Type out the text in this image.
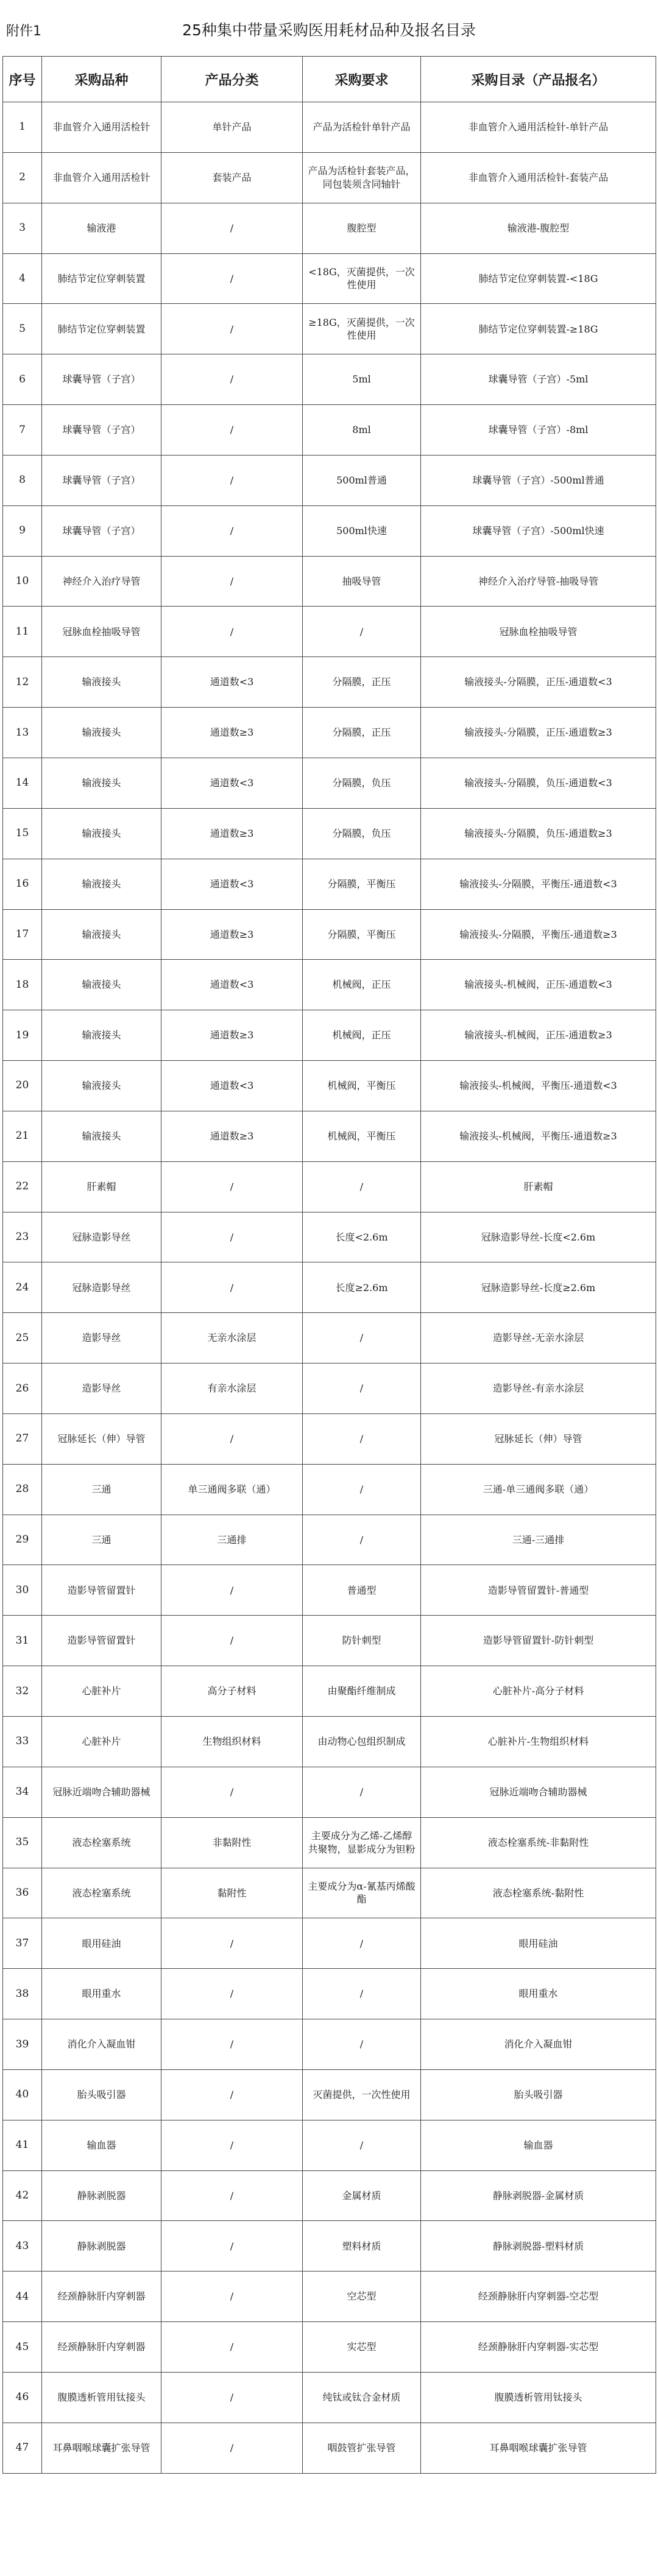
附件1	25种集中带量采购医用耗材品种及报名目录
序号	采购品种	产品分类	采购要求	采购目录（产品报名）
1	非血管介入通用活检针	单针产品	产品为活检针单针产品	非血管介入通用活检针-单针产品
2	非血管介入通用活检针	套装产品	产品为活检针套装产品，同包装须含同轴针	非血管介入通用活检针-套装产品
3	输液港	/	腹腔型	输液港-腹腔型
4	肺结节定位穿刺装置	/	<18G，灭菌提供，一次性使用	肺结节定位穿刺装置-<18G
5	肺结节定位穿刺装置	/	≥18G，灭菌提供，一次性使用	肺结节定位穿刺装置-≥18G
6	球囊导管（子宫）	/	5ml	球囊导管（子宫）-5ml
7	球囊导管（子宫）	/	8ml	球囊导管（子宫）-8ml
8	球囊导管（子宫）	/	500ml普通	球囊导管（子宫）-500ml普通
9	球囊导管（子宫）	/	500ml快速	球囊导管（子宫）-500ml快速
10	神经介入治疗导管	/	抽吸导管	神经介入治疗导管-抽吸导管
11	冠脉血栓抽吸导管	/	/	冠脉血栓抽吸导管
12	输液接头	通道数<3	分隔膜，正压	输液接头-分隔膜，正压-通道数<3
13	输液接头	通道数≥3	分隔膜，正压	输液接头-分隔膜，正压-通道数≥3
14	输液接头	通道数<3	分隔膜，负压	输液接头-分隔膜，负压-通道数<3
15	输液接头	通道数≥3	分隔膜，负压	输液接头-分隔膜，负压-通道数≥3
16	输液接头	通道数<3	分隔膜，平衡压	输液接头-分隔膜，平衡压-通道数<3
17	输液接头	通道数≥3	分隔膜，平衡压	输液接头-分隔膜，平衡压-通道数≥3
18	输液接头	通道数<3	机械阀，正压	输液接头-机械阀，正压-通道数<3
19	输液接头	通道数≥3	机械阀，正压	输液接头-机械阀，正压-通道数≥3
20	输液接头	通道数<3	机械阀，平衡压	输液接头-机械阀，平衡压-通道数<3
21	输液接头	通道数≥3	机械阀，平衡压	输液接头-机械阀，平衡压-通道数≥3
22	肝素帽	/	/	肝素帽
23	冠脉造影导丝	/	长度<2.6m	冠脉造影导丝-长度<2.6m
24	冠脉造影导丝	/	长度≥2.6m	冠脉造影导丝-长度≥2.6m
25	造影导丝	无亲水涂层	/	造影导丝-无亲水涂层
26	造影导丝	有亲水涂层	/	造影导丝-有亲水涂层
27	冠脉延长（伸）导管	/	/	冠脉延长（伸）导管
28	三通	单三通阀多联（通）	/	三通-单三通阀多联（通）
29	三通	三通排	/	三通-三通排
30	造影导管留置针	/	普通型	造影导管留置针-普通型
31	造影导管留置针	/	防针刺型	造影导管留置针-防针刺型
32	心脏补片	高分子材料	由聚酯纤维制成	心脏补片-高分子材料
33	心脏补片	生物组织材料	由动物心包组织制成	心脏补片-生物组织材料
34	冠脉近端吻合辅助器械	/	/	冠脉近端吻合辅助器械
35	液态栓塞系统	非黏附性	主要成分为乙烯-乙烯醇共聚物，显影成分为钽粉	液态栓塞系统-非黏附性
36	液态栓塞系统	黏附性	主要成分为α-氰基丙烯酸酯	液态栓塞系统-黏附性
37	眼用硅油	/	/	眼用硅油
38	眼用重水	/	/	眼用重水
39	消化介入凝血钳	/	/	消化介入凝血钳
40	胎头吸引器	/	灭菌提供，一次性使用	胎头吸引器
41	输血器	/	/	输血器
42	静脉剥脱器	/	金属材质	静脉剥脱器-金属材质
43	静脉剥脱器	/	塑料材质	静脉剥脱器-塑料材质
44	经颈静脉肝内穿刺器	/	空芯型	经颈静脉肝内穿刺器-空芯型
45	经颈静脉肝内穿刺器	/	实芯型	经颈静脉肝内穿刺器-实芯型
46	腹膜透析管用钛接头	/	纯钛或钛合金材质	腹膜透析管用钛接头
47	耳鼻咽喉球囊扩张导管	/	咽鼓管扩张导管	耳鼻咽喉球囊扩张导管
